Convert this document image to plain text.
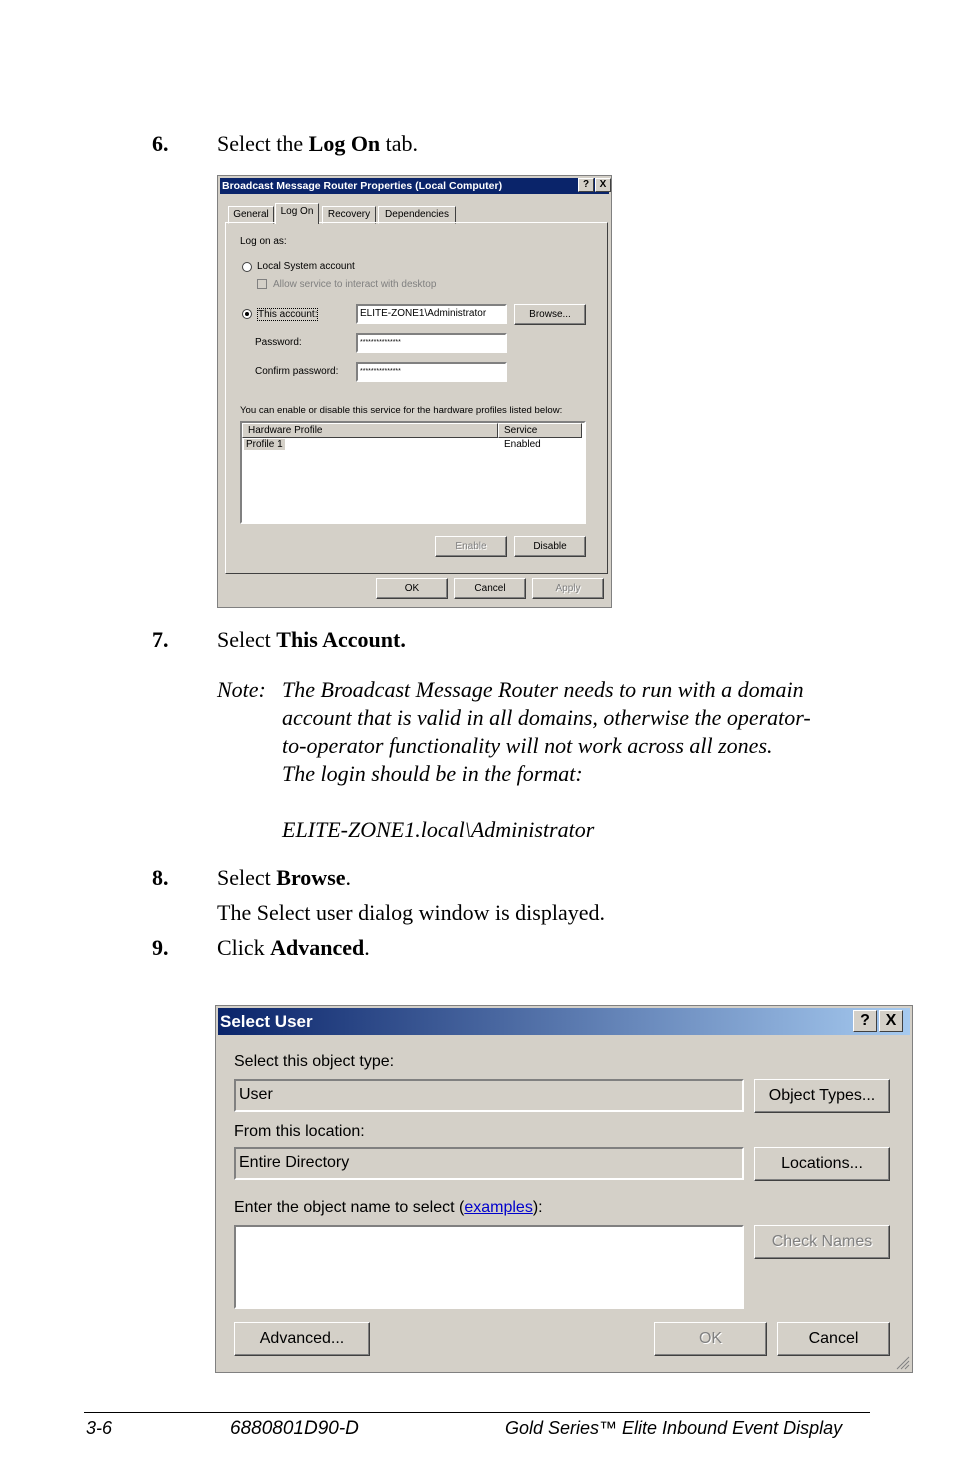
6. Select the Log On tab.
Broadcast Message Router Properties (Local Computer)	?	X
General	Log On	Recovery	Dependencies
Log on as:
Local System account
Allow service to interact with desktop
This account:	ELITE-ZONE1\Administrator	Browse...
Password:	***************
Confirm password:	***************
You can enable or disable this service for the hardware profiles listed below:
Hardware Profile	Service
Profile 1	Enabled
Enable	Disable
OK	Cancel	Apply
7. Select This Account.
Note: The Broadcast Message Router needs to run with a domain
account that is valid in all domains, otherwise the operator-
to-operator functionality will not work across all zones.
The login should be in the format:
ELITE-ZONE1.local\Administrator
8. Select Browse.
The Select user dialog window is displayed.
9. Click Advanced.
Select User	? X
Select this object type:
User	Object Types...
From this location:
Entire Directory	Locations...
Enter the object name to select (examples):
Check Names
Advanced...	OK	Cancel
3-6	6880801D90-D	Gold Series™ Elite Inbound Event Display
